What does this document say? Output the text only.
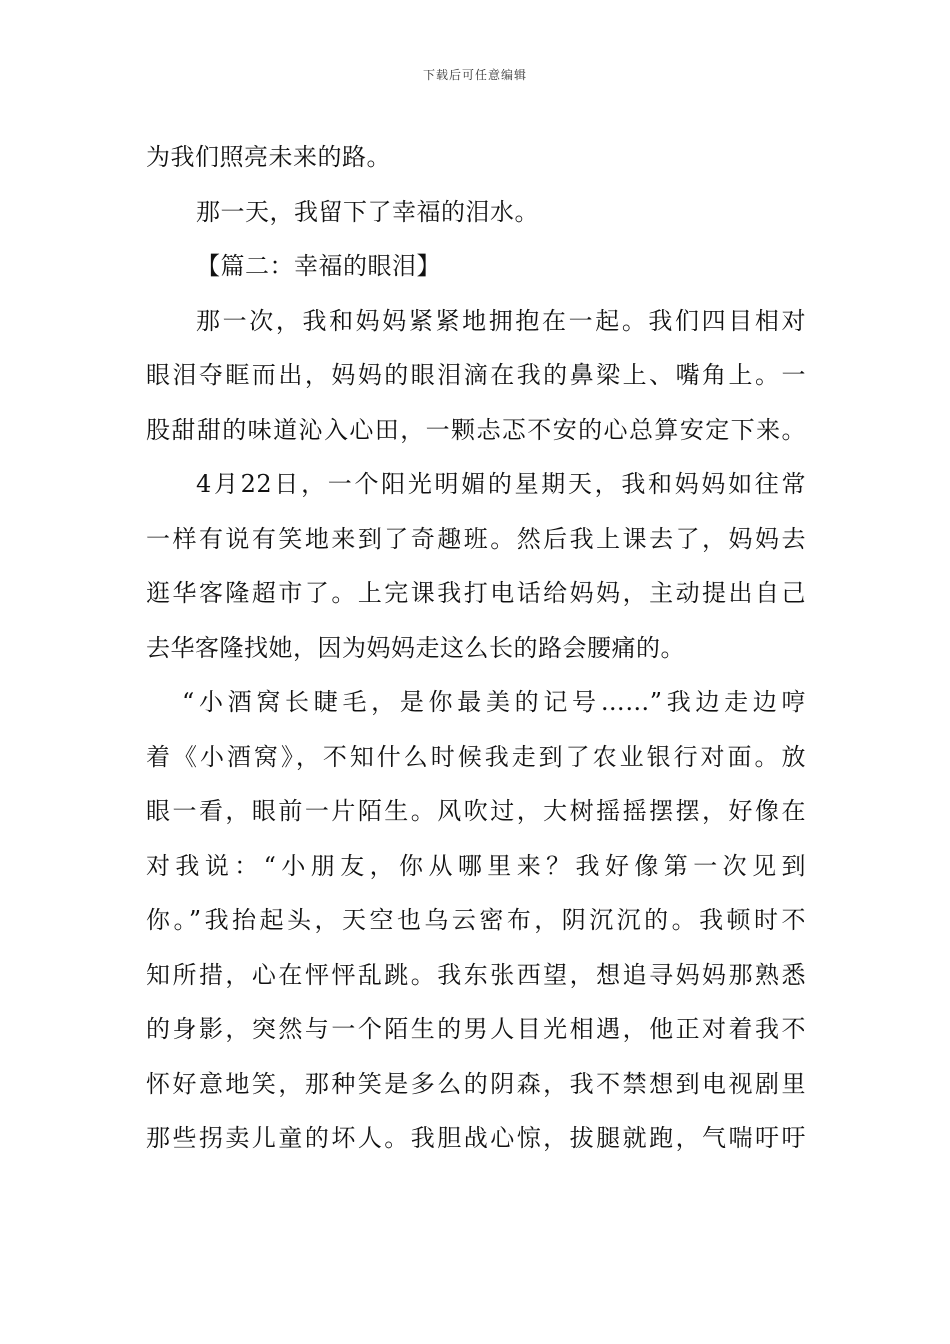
下载后可任意编辑
为我们照亮未来的路。
那一天，我留下了幸福的泪水。
【篇二：幸福的眼泪】
那一次，我和妈妈紧紧地拥抱在一起。我们四目相对
眼泪夺眶而出，妈妈的眼泪滴在我的鼻梁上、嘴角上。一
股甜甜的味道沁入心田，一颗忐忑不安的心总算安定下来。
4月22日，一个阳光明媚的星期天，我和妈妈如往常
一样有说有笑地来到了奇趣班。然后我上课去了，妈妈去
逛华客隆超市了。上完课我打电话给妈妈，主动提出自己
去华客隆找她，因为妈妈走这么长的路会腰痛的。
“小酒窝长睫毛，是你最美的记号……”我边走边哼
着《小酒窝》，不知什么时候我走到了农业银行对面。放
眼一看，眼前一片陌生。风吹过，大树摇摇摆摆，好像在
对我说：“小朋友，你从哪里来？我好像第一次见到
你。”我抬起头，天空也乌云密布，阴沉沉的。我顿时不
知所措，心在怦怦乱跳。我东张西望，想追寻妈妈那熟悉
的身影，突然与一个陌生的男人目光相遇，他正对着我不
怀好意地笑，那种笑是多么的阴森，我不禁想到电视剧里
那些拐卖儿童的坏人。我胆战心惊，拔腿就跑，气喘吁吁
